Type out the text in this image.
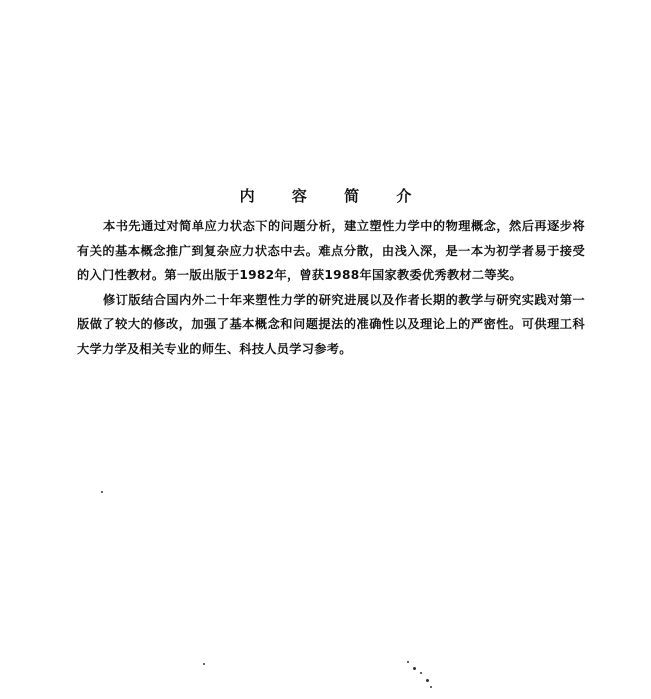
内 容 简 介

本书先通过对简单应力状态下的问题分析，建立塑性力学中的物理概念，然后再逐步将有关的基本概念推广到复杂应力状态中去。难点分散，由浅入深，是一本为初学者易于接受的入门性教材。第一版出版于1982年，曾获1988年国家教委优秀教材二等奖。

修订版结合国内外二十年来塑性力学的研究进展以及作者长期的教学与研究实践对第一版做了较大的修改，加强了基本概念和问题提法的准确性以及理论上的严密性。可供理工科大学力学及相关专业的师生、科技人员学习参考。
